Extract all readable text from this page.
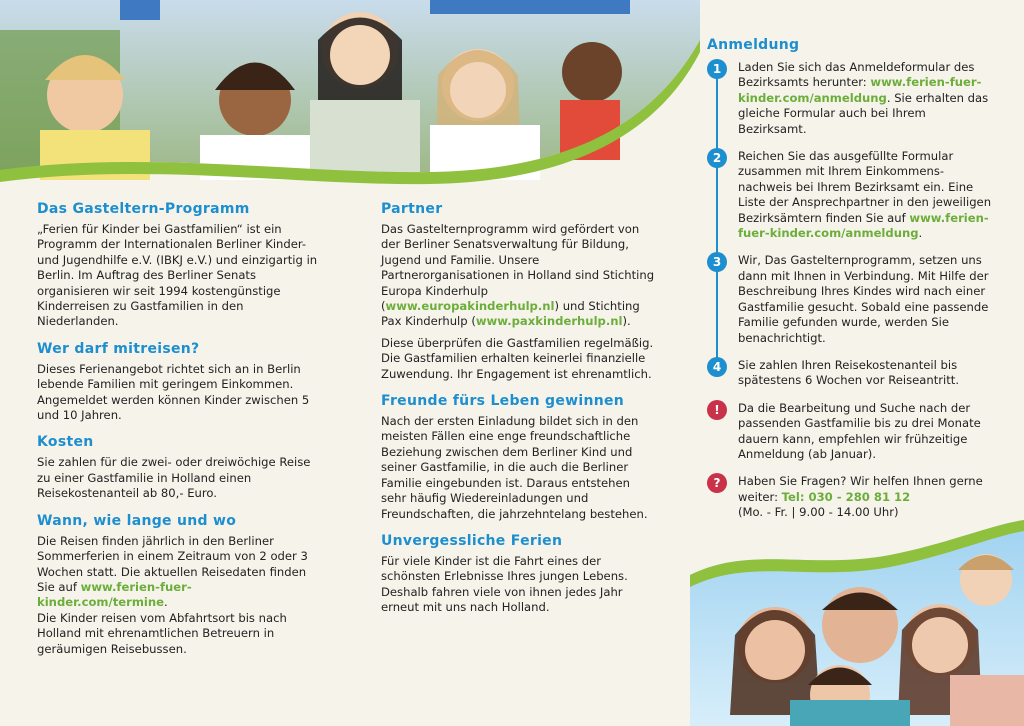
Das Gasteltern-Programm

„Ferien für Kinder bei Gastfamilien“ ist ein Programm der Internationalen Berliner Kinder-und Jugendhilfe e.V. (IBKJ e.V.) und einzigartig in Berlin. Im Auftrag des Berliner Senats organisieren wir seit 1994 kostengünstige Kinderreisen zu Gastfamilien in den Niederlanden.

Wer darf mitreisen?

Dieses Ferienangebot richtet sich an in Berlin lebende Familien mit geringem Einkommen. Angemeldet werden können Kinder zwischen 5 und 10 Jahren.

Kosten

Sie zahlen für die zwei- oder dreiwöchige Reise zu einer Gastfamilie in Holland einen Reisekostenanteil ab 80,- Euro.

Wann, wie lange und wo

Die Reisen finden jährlich in den Berliner Sommerferien in einem Zeitraum von 2 oder 3 Wochen statt. Die aktuellen Reisedaten finden Sie auf www.ferien-fuer-kinder.com/termine.
Die Kinder reisen vom Abfahrtsort bis nach Holland mit ehrenamtlichen Betreuern in geräumigen Reisebussen.

Partner

Das Gastelternprogramm wird gefördert von der Berliner Senatsverwaltung für Bildung, Jugend und Familie. Unsere Partnerorganisationen in Holland sind Stichting Europa Kinderhulp (www.europakinderhulp.nl) und Stichting Pax Kinderhulp (www.paxkinderhulp.nl).

Diese überprüfen die Gastfamilien regelmäßig. Die Gastfamilien erhalten keinerlei finanzielle Zuwendung. Ihr Engagement ist ehrenamtlich.

Freunde fürs Leben gewinnen

Nach der ersten Einladung bildet sich in den meisten Fällen eine enge freundschaftliche Beziehung zwischen dem Berliner Kind und seiner Gastfamilie, in die auch die Berliner Familie eingebunden ist. Daraus entstehen sehr häufig Wiedereinladungen und Freundschaften, die jahrzehntelang bestehen.

Unvergessliche Ferien

Für viele Kinder ist die Fahrt eines der schönsten Erlebnisse Ihres jungen Lebens. Deshalb fahren viele von ihnen jedes Jahr erneut mit uns nach Holland.

Anmeldung
1	Laden Sie sich das Anmeldeformular des Bezirksamts herunter: www.ferien-fuer-kinder.com/anmeldung. Sie erhalten das gleiche Formular auch bei Ihrem Bezirksamt.
2	Reichen Sie das ausgefüllte Formular zusammen mit Ihrem Einkommens-nachweis bei Ihrem Bezirksamt ein. Eine Liste der Ansprechpartner in den jeweiligen Bezirksämtern finden Sie auf www.ferien-fuer-kinder.com/anmeldung.
3	Wir, Das Gastelternprogramm, setzen uns dann mit Ihnen in Verbindung. Mit Hilfe der Beschreibung Ihres Kindes wird nach einer Gastfamilie gesucht. Sobald eine passende Familie gefunden wurde, werden Sie benachrichtigt.
4	Sie zahlen Ihren Reisekostenanteil bis spätestens 6 Wochen vor Reiseantritt.
!	Da die Bearbeitung und Suche nach der passenden Gastfamilie bis zu drei Monate dauern kann, empfehlen wir frühzeitige Anmeldung (ab Januar).
?	Haben Sie Fragen? Wir helfen Ihnen gerne weiter: Tel: 030 - 280 81 12
(Mo. - Fr. | 9.00 - 14.00 Uhr)
